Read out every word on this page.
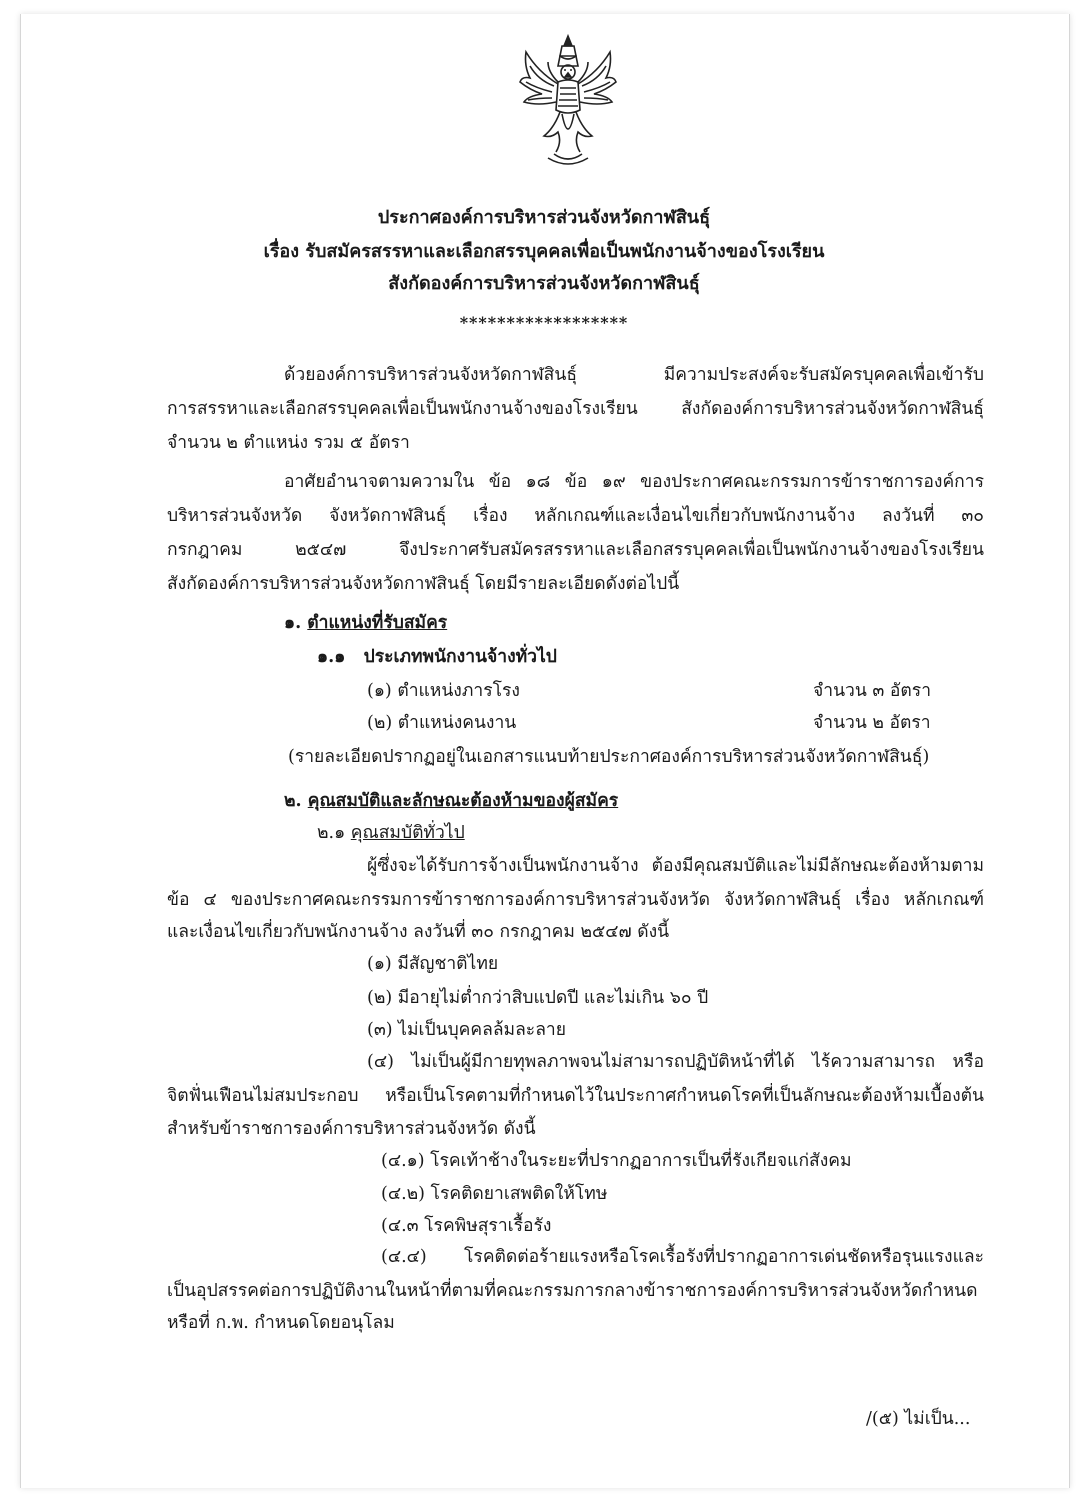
ประกาศองค์การบริหารส่วนจังหวัดกาฬสินธุ์
เรื่อง รับสมัครสรรหาและเลือกสรรบุคคลเพื่อเป็นพนักงานจ้างของโรงเรียน
สังกัดองค์การบริหารส่วนจังหวัดกาฬสินธุ์
******************
ด้วยองค์การบริหารส่วนจังหวัดกาฬสินธุ์ มีความประสงค์จะรับสมัครบุคคลเพื่อเข้ารับ
การสรรหาและเลือกสรรบุคคลเพื่อเป็นพนักงานจ้างของโรงเรียน สังกัดองค์การบริหารส่วนจังหวัดกาฬสินธุ์
จำนวน ๒ ตำแหน่ง รวม ๕ อัตรา
อาศัยอำนาจตามความใน ข้อ ๑๘ ข้อ ๑๙ ของประกาศคณะกรรมการข้าราชการองค์การ
บริหารส่วนจังหวัด จังหวัดกาฬสินธุ์ เรื่อง หลักเกณฑ์และเงื่อนไขเกี่ยวกับพนักงานจ้าง ลงวันที่ ๓๐
กรกฎาคม ๒๕๔๗ จึงประกาศรับสมัครสรรหาและเลือกสรรบุคคลเพื่อเป็นพนักงานจ้างของโรงเรียน
สังกัดองค์การบริหารส่วนจังหวัดกาฬสินธุ์ โดยมีรายละเอียดดังต่อไปนี้
๑. ตำแหน่งที่รับสมัคร
๑.๑ ประเภทพนักงานจ้างทั่วไป
(๑) ตำแหน่งภารโรง	จำนวน ๓ อัตรา
(๒) ตำแหน่งคนงาน	จำนวน ๒ อัตรา
(รายละเอียดปรากฏอยู่ในเอกสารแนบท้ายประกาศองค์การบริหารส่วนจังหวัดกาฬสินธุ์)
๒. คุณสมบัติและลักษณะต้องห้ามของผู้สมัคร
๒.๑ คุณสมบัติทั่วไป
ผู้ซึ่งจะได้รับการจ้างเป็นพนักงานจ้าง ต้องมีคุณสมบัติและไม่มีลักษณะต้องห้ามตาม
ข้อ ๔ ของประกาศคณะกรรมการข้าราชการองค์การบริหารส่วนจังหวัด จังหวัดกาฬสินธุ์ เรื่อง หลักเกณฑ์
และเงื่อนไขเกี่ยวกับพนักงานจ้าง ลงวันที่ ๓๐ กรกฎาคม ๒๕๔๗ ดังนี้
(๑) มีสัญชาติไทย
(๒) มีอายุไม่ต่ำกว่าสิบแปดปี และไม่เกิน ๖๐ ปี
(๓) ไม่เป็นบุคคลล้มละลาย
(๔) ไม่เป็นผู้มีกายทุพลภาพจนไม่สามารถปฏิบัติหน้าที่ได้ ไร้ความสามารถ หรือ
จิตฟั่นเฟือนไม่สมประกอบ หรือเป็นโรคตามที่กำหนดไว้ในประกาศกำหนดโรคที่เป็นลักษณะต้องห้ามเบื้องต้น
สำหรับข้าราชการองค์การบริหารส่วนจังหวัด ดังนี้
(๔.๑) โรคเท้าช้างในระยะที่ปรากฏอาการเป็นที่รังเกียจแก่สังคม
(๔.๒) โรคติดยาเสพติดให้โทษ
(๔.๓ โรคพิษสุราเรื้อรัง
(๔.๔) โรคติดต่อร้ายแรงหรือโรคเรื้อรังที่ปรากฏอาการเด่นชัดหรือรุนแรงและ
เป็นอุปสรรคต่อการปฏิบัติงานในหน้าที่ตามที่คณะกรรมการกลางข้าราชการองค์การบริหารส่วนจังหวัดกำหนด
หรือที่ ก.พ. กำหนดโดยอนุโลม
/(๕) ไม่เป็น...
